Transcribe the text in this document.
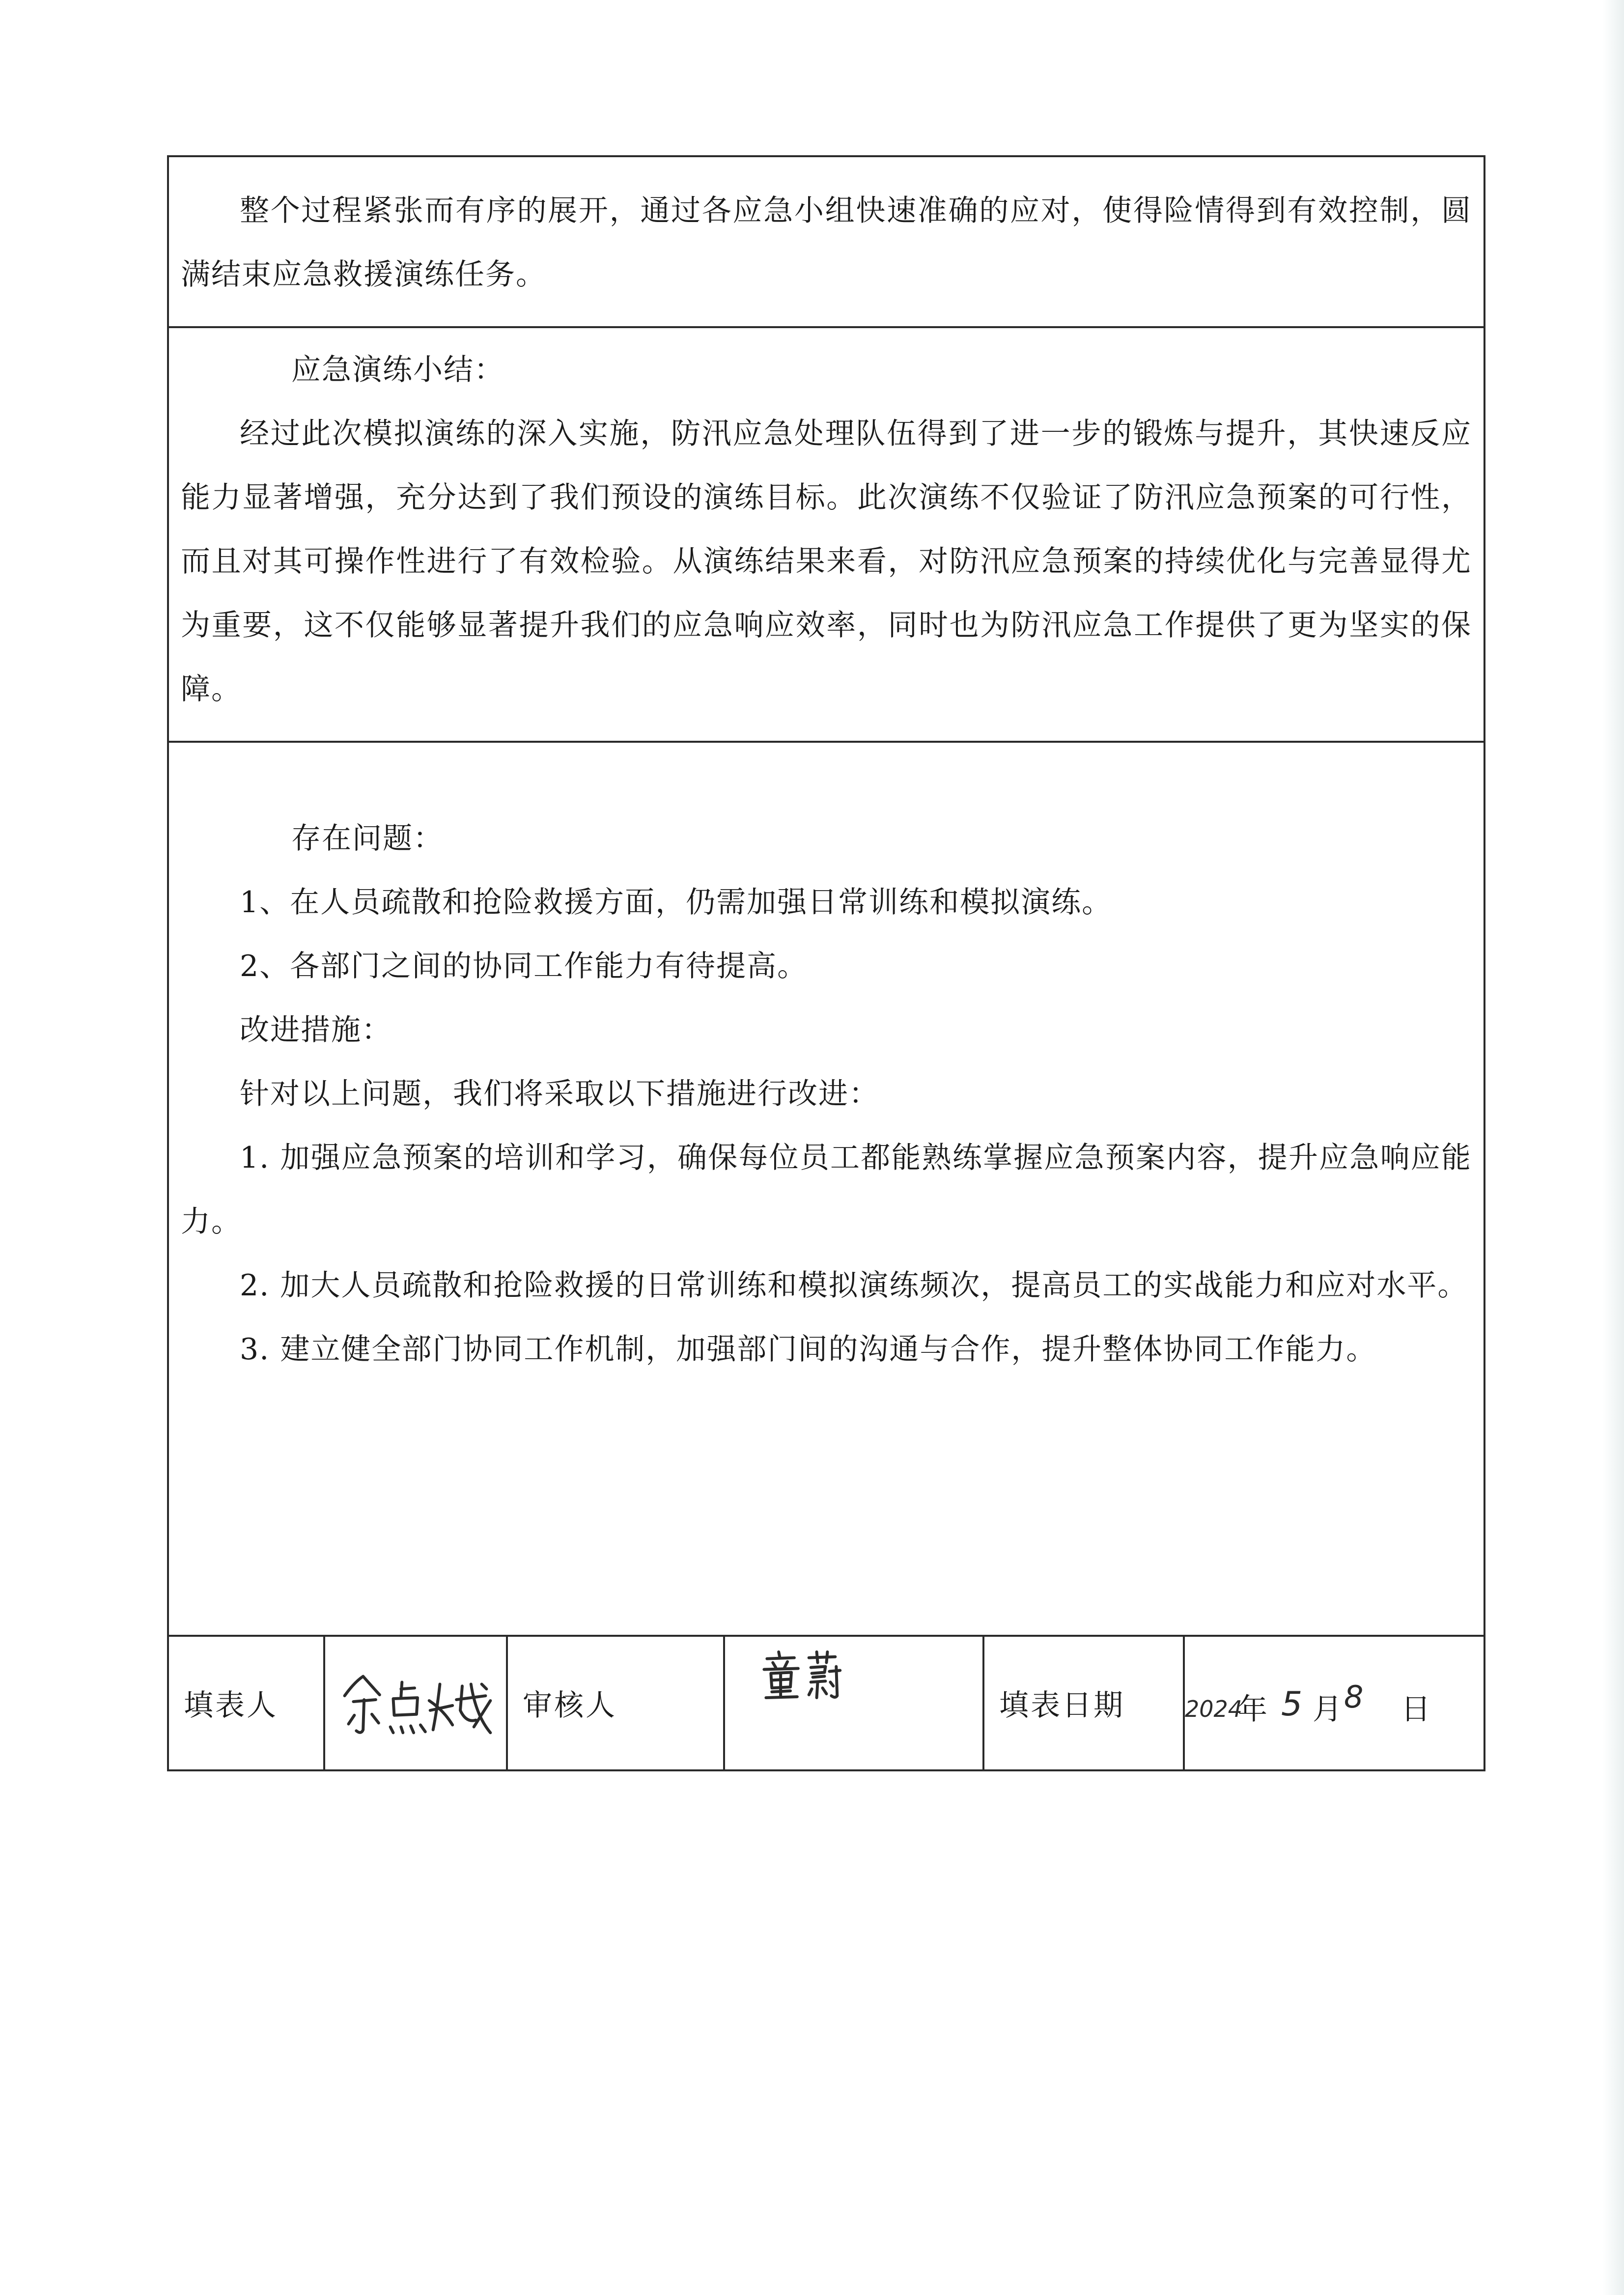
整个过程紧张而有序的展开，通过各应急小组快速准确的应对，使得险情得到有效控制，圆满结束应急救援演练任务。

应急演练小结：

经过此次模拟演练的深入实施，防汛应急处理队伍得到了进一步的锻炼与提升，其快速反应能力显著增强，充分达到了我们预设的演练目标。此次演练不仅验证了防汛应急预案的可行性，而且对其可操作性进行了有效检验。从演练结果来看，对防汛应急预案的持续优化与完善显得尤为重要，这不仅能够显著提升我们的应急响应效率，同时也为防汛应急工作提供了更为坚实的保障。

存在问题：

1、在人员疏散和抢险救援方面，仍需加强日常训练和模拟演练。

2、各部门之间的协同工作能力有待提高。

改进措施：

针对以上问题，我们将采取以下措施进行改进：

1. 加强应急预案的培训和学习，确保每位员工都能熟练掌握应急预案内容，提升应急响应能力。

2. 加大人员疏散和抢险救援的日常训练和模拟演练频次，提高员工的实战能力和应对水平。

3. 建立健全部门协同工作机制，加强部门间的沟通与合作，提升整体协同工作能力。

填表人		审核人		填表日期	2024
年 5 月 8 日
